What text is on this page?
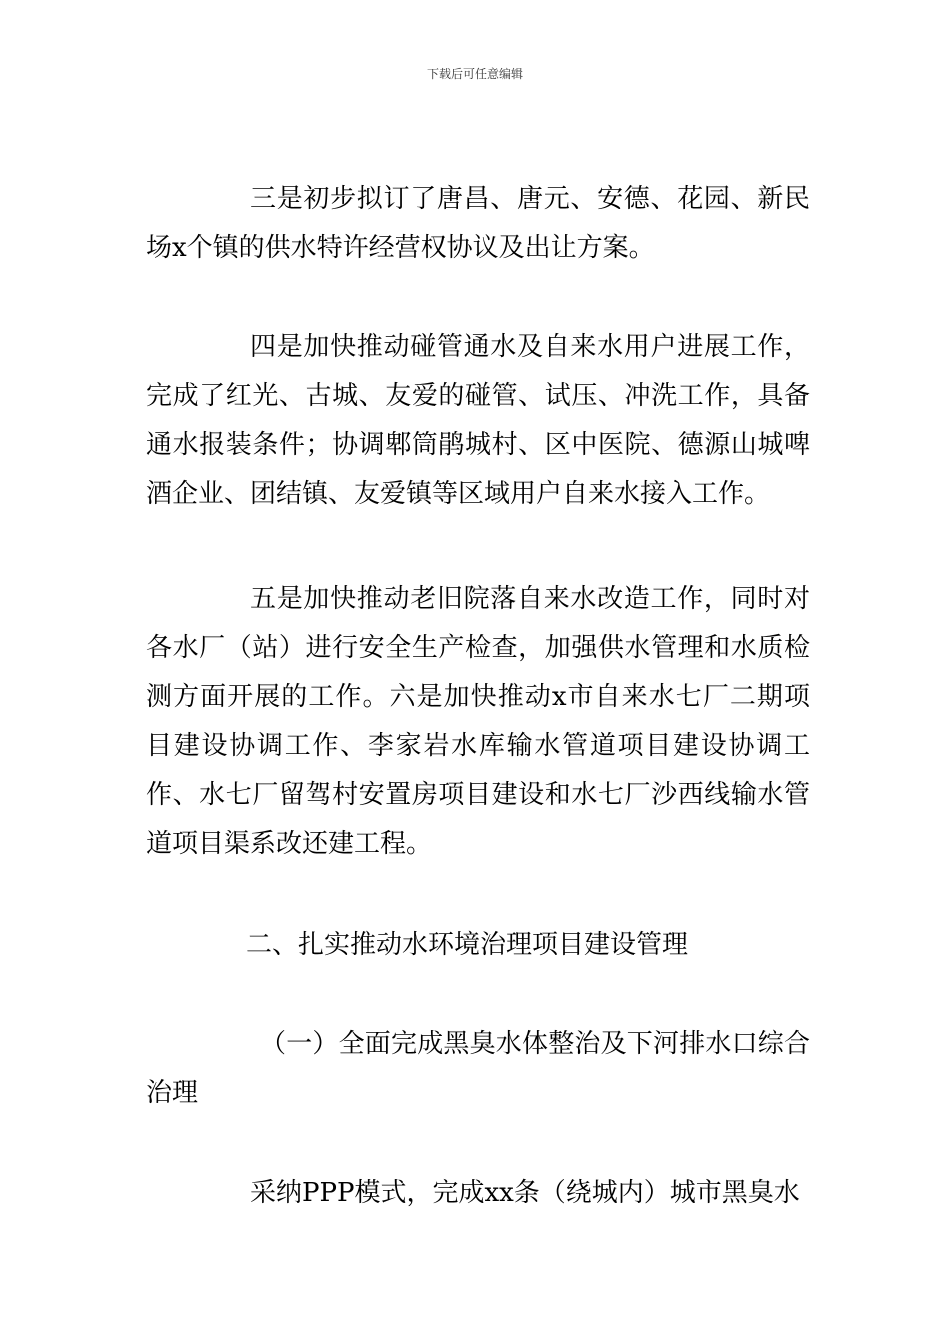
下载后可任意编辑

三是初步拟订了唐昌、唐元、安德、花园、新民场x个镇的供水特许经营权协议及出让方案。

四是加快推动碰管通水及自来水用户进展工作，完成了红光、古城、友爱的碰管、试压、冲洗工作，具备通水报装条件；协调郫筒鹃城村、区中医院、德源山城啤酒企业、团结镇、友爱镇等区域用户自来水接入工作。

五是加快推动老旧院落自来水改造工作，同时对各水厂（站）进行安全生产检查，加强供水管理和水质检测方面开展的工作。六是加快推动x市自来水七厂二期项目建设协调工作、李家岩水库输水管道项目建设协调工作、水七厂留驾村安置房项目建设和水七厂沙西线输水管道项目渠系改还建工程。

二、扎实推动水环境治理项目建设管理

（一）全面完成黑臭水体整治及下河排水口综合治理

采纳PPP模式，完成xx条（绕城内）城市黑臭水
